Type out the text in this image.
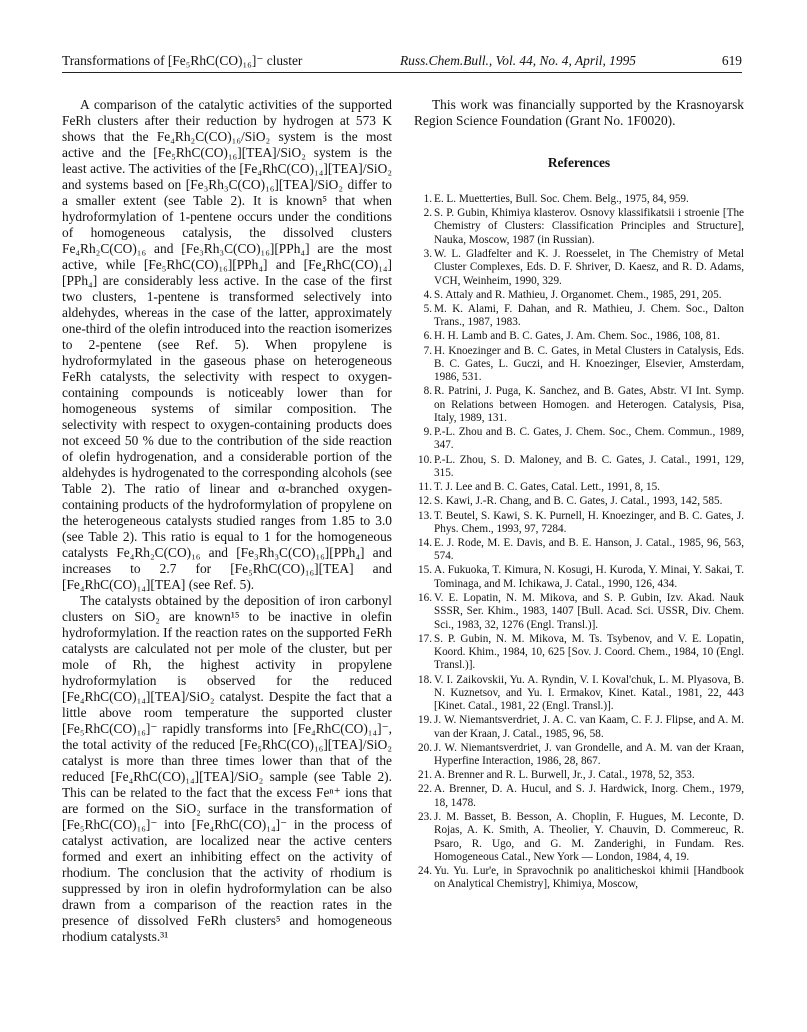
Transformations of [Fe₅RhC(CO)₁₆]⁻ cluster	Russ.Chem.Bull., Vol. 44, No. 4, April, 1995	619

A comparison of the catalytic activities of the supported FeRh clusters after their reduction by hydrogen at 573 K shows that the Fe₄Rh₂C(CO)₁₆/SiO₂ system is the most active and the [Fe₅RhC(CO)₁₆][TEA]/SiO₂ system is the least active. The activities of the [Fe₄RhC(CO)₁₄][TEA]/SiO₂ and systems based on [Fe₃Rh₃C(CO)₁₆][TEA]/SiO₂ differ to a smaller extent (see Table 2). It is known⁵ that when hydroformylation of 1-pentene occurs under the conditions of homogeneous catalysis, the dissolved clusters Fe₄Rh₂C(CO)₁₆ and [Fe₃Rh₃C(CO)₁₆][PPh₄] are the most active, while [Fe₅RhC(CO)₁₆][PPh₄] and [Fe₄RhC(CO)₁₄][PPh₄] are considerably less active. In the case of the first two clusters, 1-pentene is transformed selectively into aldehydes, whereas in the case of the latter, approximately one-third of the olefin introduced into the reaction isomerizes to 2-pentene (see Ref. 5). When propylene is hydroformylated in the gaseous phase on heterogeneous FeRh catalysts, the selectivity with respect to oxygen-containing compounds is noticeably lower than for homogeneous systems of similar composition. The selectivity with respect to oxygen-containing products does not exceed 50 % due to the contribution of the side reaction of olefin hydrogenation, and a considerable portion of the aldehydes is hydrogenated to the corresponding alcohols (see Table 2). The ratio of linear and α-branched oxygen-containing products of the hydroformylation of propylene on the heterogeneous catalysts studied ranges from 1.85 to 3.0 (see Table 2). This ratio is equal to 1 for the homogeneous catalysts Fe₄Rh₂C(CO)₁₆ and [Fe₃Rh₃C(CO)₁₆][PPh₄] and increases to 2.7 for [Fe₅RhC(CO)₁₆][TEA] and [Fe₄RhC(CO)₁₄][TEA] (see Ref. 5).

The catalysts obtained by the deposition of iron carbonyl clusters on SiO₂ are known¹⁵ to be inactive in olefin hydroformylation. If the reaction rates on the supported FeRh catalysts are calculated not per mole of the cluster, but per mole of Rh, the highest activity in propylene hydroformylation is observed for the reduced [Fe₄RhC(CO)₁₄][TEA]/SiO₂ catalyst. Despite the fact that a little above room temperature the supported cluster [Fe₅RhC(CO)₁₆]⁻ rapidly transforms into [Fe₄RhC(CO)₁₄]⁻, the total activity of the reduced [Fe₅RhC(CO)₁₆][TEA]/SiO₂ catalyst is more than three times lower than that of the reduced [Fe₄RhC(CO)₁₄][TEA]/SiO₂ sample (see Table 2). This can be related to the fact that the excess Feⁿ⁺ ions that are formed on the SiO₂ surface in the transformation of [Fe₅RhC(CO)₁₆]⁻ into [Fe₄RhC(CO)₁₄]⁻ in the process of catalyst activation, are localized near the active centers formed and exert an inhibiting effect on the activity of rhodium. The conclusion that the activity of rhodium is suppressed by iron in olefin hydroformylation can be also drawn from a comparison of the reaction rates in the presence of dissolved FeRh clusters⁵ and homogeneous rhodium catalysts.³¹

This work was financially supported by the Krasnoyarsk Region Science Foundation (Grant No. 1F0020).

References
1. E. L. Muetterties, Bull. Soc. Chem. Belg., 1975, 84, 959.
2. S. P. Gubin, Khimiya klasterov. Osnovy klassifikatsii i stroenie [The Chemistry of Clusters: Classification Principles and Structure], Nauka, Moscow, 1987 (in Russian).
3. W. L. Gladfelter and K. J. Roesselet, in The Chemistry of Metal Cluster Complexes, Eds. D. F. Shriver, D. Kaesz, and R. D. Adams, VCH, Weinheim, 1990, 329.
4. S. Attaly and R. Mathieu, J. Organomet. Chem., 1985, 291, 205.
5. M. K. Alami, F. Dahan, and R. Mathieu, J. Chem. Soc., Dalton Trans., 1987, 1983.
6. H. H. Lamb and B. C. Gates, J. Am. Chem. Soc., 1986, 108, 81.
7. H. Knoezinger and B. C. Gates, in Metal Clusters in Catalysis, Eds. B. C. Gates, L. Guczi, and H. Knoezinger, Elsevier, Amsterdam, 1986, 531.
8. R. Patrini, J. Puga, K. Sanchez, and B. Gates, Abstr. VI Int. Symp. on Relations between Homogen. and Heterogen. Catalysis, Pisa, Italy, 1989, 131.
9. P.-L. Zhou and B. C. Gates, J. Chem. Soc., Chem. Commun., 1989, 347.
10. P.-L. Zhou, S. D. Maloney, and B. C. Gates, J. Catal., 1991, 129, 315.
11. T. J. Lee and B. C. Gates, Catal. Lett., 1991, 8, 15.
12. S. Kawi, J.-R. Chang, and B. C. Gates, J. Catal., 1993, 142, 585.
13. T. Beutel, S. Kawi, S. K. Purnell, H. Knoezinger, and B. C. Gates, J. Phys. Chem., 1993, 97, 7284.
14. E. J. Rode, M. E. Davis, and B. E. Hanson, J. Catal., 1985, 96, 563, 574.
15. A. Fukuoka, T. Kimura, N. Kosugi, H. Kuroda, Y. Minai, Y. Sakai, T. Tominaga, and M. Ichikawa, J. Catal., 1990, 126, 434.
16. V. E. Lopatin, N. M. Mikova, and S. P. Gubin, Izv. Akad. Nauk SSSR, Ser. Khim., 1983, 1407 [Bull. Acad. Sci. USSR, Div. Chem. Sci., 1983, 32, 1276 (Engl. Transl.)].
17. S. P. Gubin, N. M. Mikova, M. Ts. Tsybenov, and V. E. Lopatin, Koord. Khim., 1984, 10, 625 [Sov. J. Coord. Chem., 1984, 10 (Engl. Transl.)].
18. V. I. Zaikovskii, Yu. A. Ryndin, V. I. Koval'chuk, L. M. Plyasova, B. N. Kuznetsov, and Yu. I. Ermakov, Kinet. Katal., 1981, 22, 443 [Kinet. Catal., 1981, 22 (Engl. Transl.)].
19. J. W. Niemantsverdriet, J. A. C. van Kaam, C. F. J. Flipse, and A. M. van der Kraan, J. Catal., 1985, 96, 58.
20. J. W. Niemantsverdriet, J. van Grondelle, and A. M. van der Kraan, Hyperfine Interaction, 1986, 28, 867.
21. A. Brenner and R. L. Burwell, Jr., J. Catal., 1978, 52, 353.
22. A. Brenner, D. A. Hucul, and S. J. Hardwick, Inorg. Chem., 1979, 18, 1478.
23. J. M. Basset, B. Besson, A. Choplin, F. Hugues, M. Leconte, D. Rojas, A. K. Smith, A. Theolier, Y. Chauvin, D. Commereuc, R. Psaro, R. Ugo, and G. M. Zanderighi, in Fundam. Res. Homogeneous Catal., New York — London, 1984, 4, 19.
24. Yu. Yu. Lur'e, in Spravochnik po analiticheskoi khimii [Handbook on Analytical Chemistry], Khimiya, Moscow,
